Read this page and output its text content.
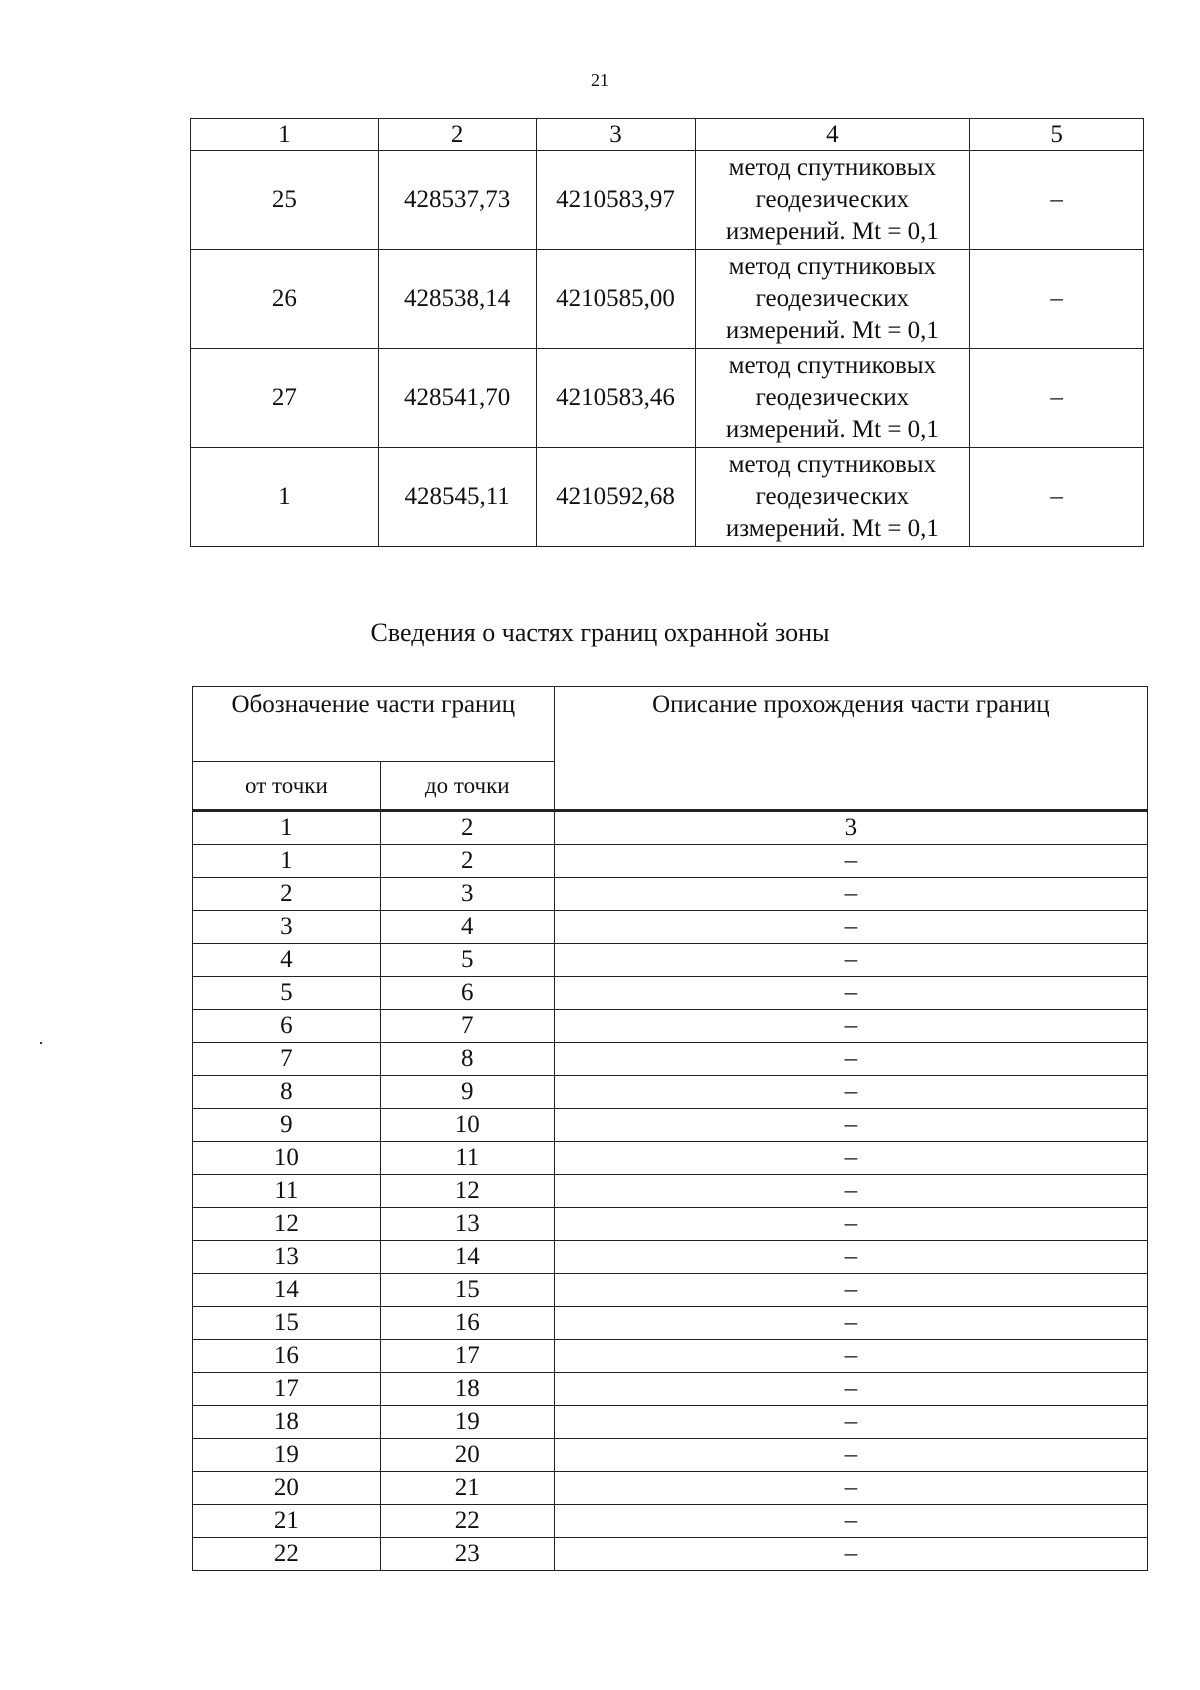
21
1	2	3	4	5
25	428537,73	4210583,97	метод спутниковых
геодезических
измерений. Mt = 0,1	–
26	428538,14	4210585,00	метод спутниковых
геодезических
измерений. Mt = 0,1	–
27	428541,70	4210583,46	метод спутниковых
геодезических
измерений. Mt = 0,1	–
1	428545,11	4210592,68	метод спутниковых
геодезических
измерений. Mt = 0,1	–
Сведения о частях границ охранной зоны
Обозначение части границ		Описание прохождения части границ
от точки	до точки	
1	2	3
1	2	–
2	3	–
3	4	–
4	5	–
5	6	–
6	7	–
7	8	–
8	9	–
9	10	–
10	11	–
11	12	–
12	13	–
13	14	–
14	15	–
15	16	–
16	17	–
17	18	–
18	19	–
19	20	–
20	21	–
21	22	–
22	23	–
